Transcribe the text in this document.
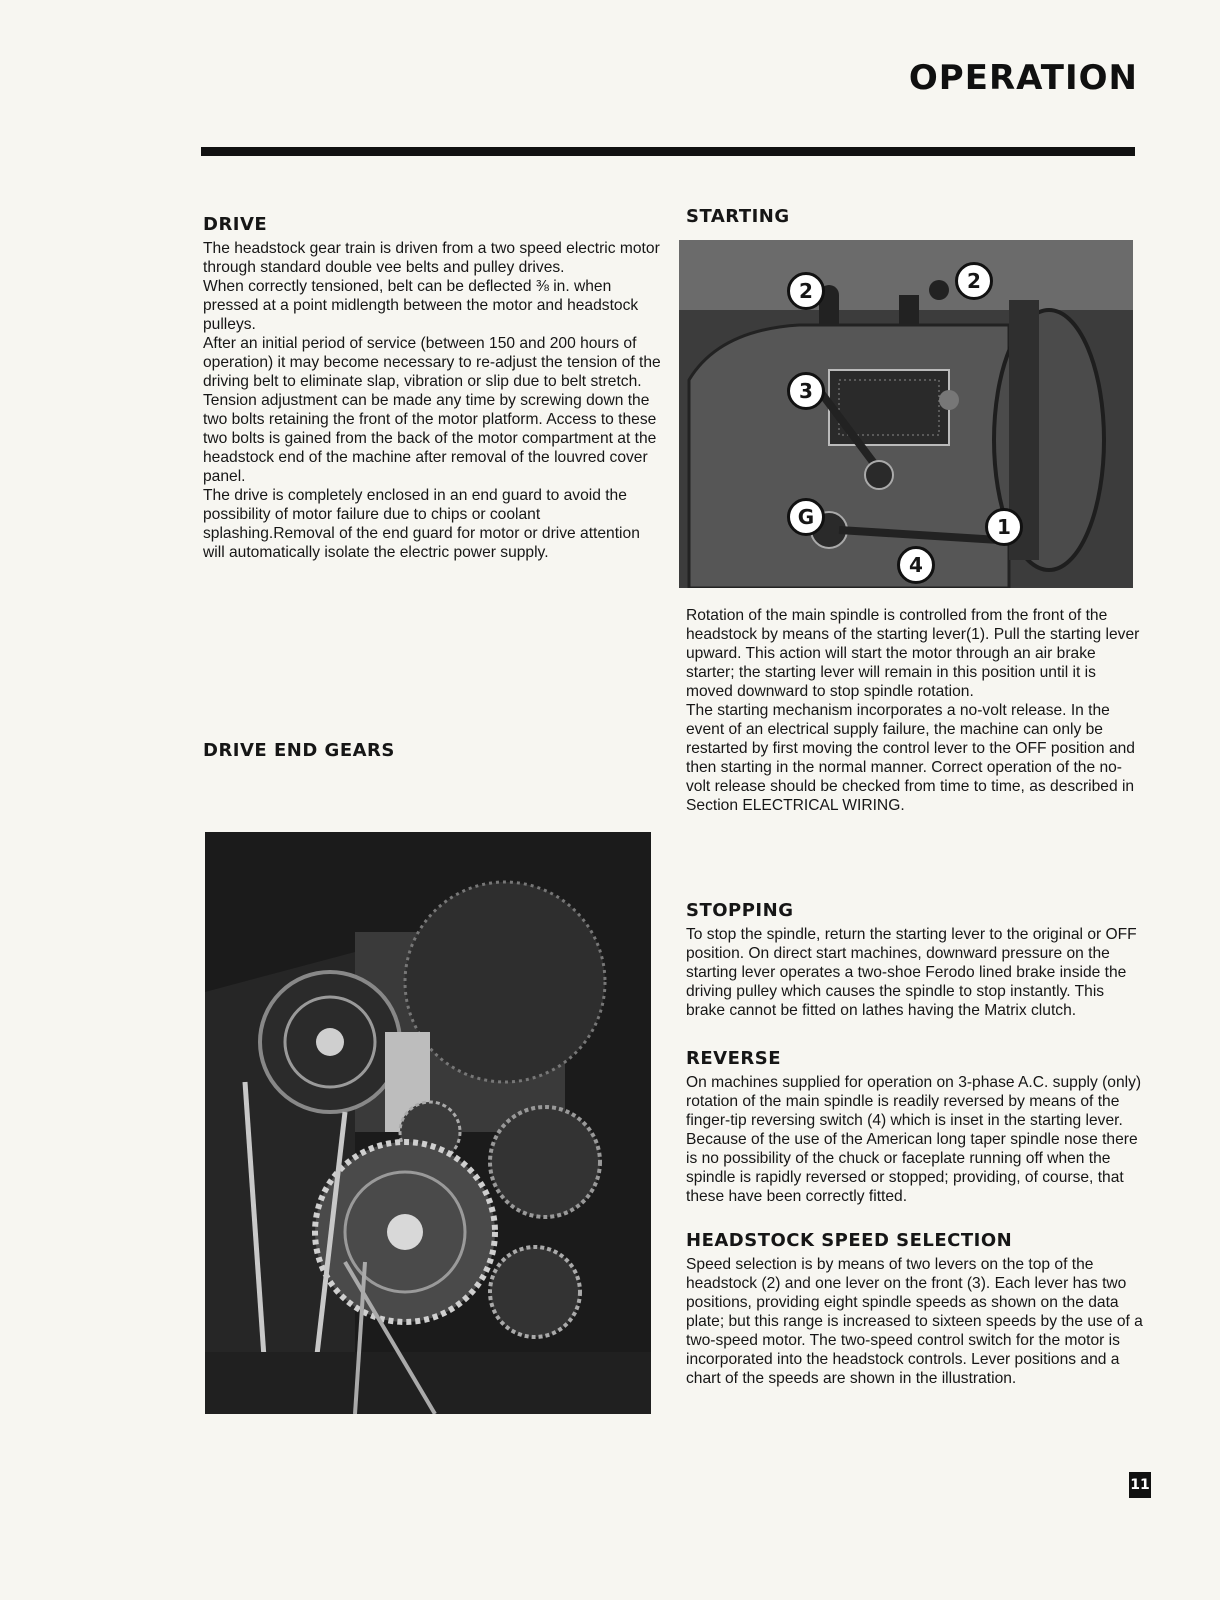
OPERATION
DRIVE

The headstock gear train is driven from a two speed electric motor through standard double vee belts and pulley drives.

When correctly tensioned, belt can be deflected ⅜ in. when pressed at a point midlength between the motor and headstock pulleys.

After an initial period of service (between 150 and 200 hours of operation) it may become necessary to re-adjust the tension of the driving belt to eliminate slap, vibration or slip due to belt stretch. Tension adjustment can be made any time by screwing down the two bolts retaining the front of the motor platform. Access to these two bolts is gained from the back of the motor compartment at the headstock end of the machine after removal of the louvred cover panel.

The drive is completely enclosed in an end guard to avoid the possibility of motor failure due to chips or coolant splashing.Removal of the end guard for motor or drive attention will automatically isolate the electric power supply.

DRIVE END GEARS
STARTING
2	2
3
G	1
4

Rotation of the main spindle is controlled from the front of the headstock by means of the starting lever(1). Pull the starting lever upward. This action will start the motor through an air brake starter; the starting lever will remain in this position until it is moved downward to stop spindle rotation.

The starting mechanism incorporates a no-volt release. In the event of an electrical supply failure, the machine can only be restarted by first moving the control lever to the OFF position and then starting in the normal manner. Correct operation of the no-volt release should be checked from time to time, as described in Section ELECTRICAL WIRING.

STOPPING

To stop the spindle, return the starting lever to the original or OFF position. On direct start machines, downward pressure on the starting lever operates a two-shoe Ferodo lined brake inside the driving pulley which causes the spindle to stop instantly. This brake cannot be fitted on lathes having the Matrix clutch.

REVERSE

On machines supplied for operation on 3-phase A.C. supply (only) rotation of the main spindle is readily reversed by means of the finger-tip reversing switch (4) which is inset in the starting lever. Because of the use of the American long taper spindle nose there is no possibility of the chuck or faceplate running off when the spindle is rapidly reversed or stopped; providing, of course, that these have been correctly fitted.

HEADSTOCK SPEED SELECTION

Speed selection is by means of two levers on the top of the headstock (2) and one lever on the front (3). Each lever has two positions, providing eight spindle speeds as shown on the data plate; but this range is increased to sixteen speeds by the use of a two-speed motor. The two-speed control switch for the motor is incorporated into the headstock controls. Lever positions and a chart of the speeds are shown in the illustration.

11
